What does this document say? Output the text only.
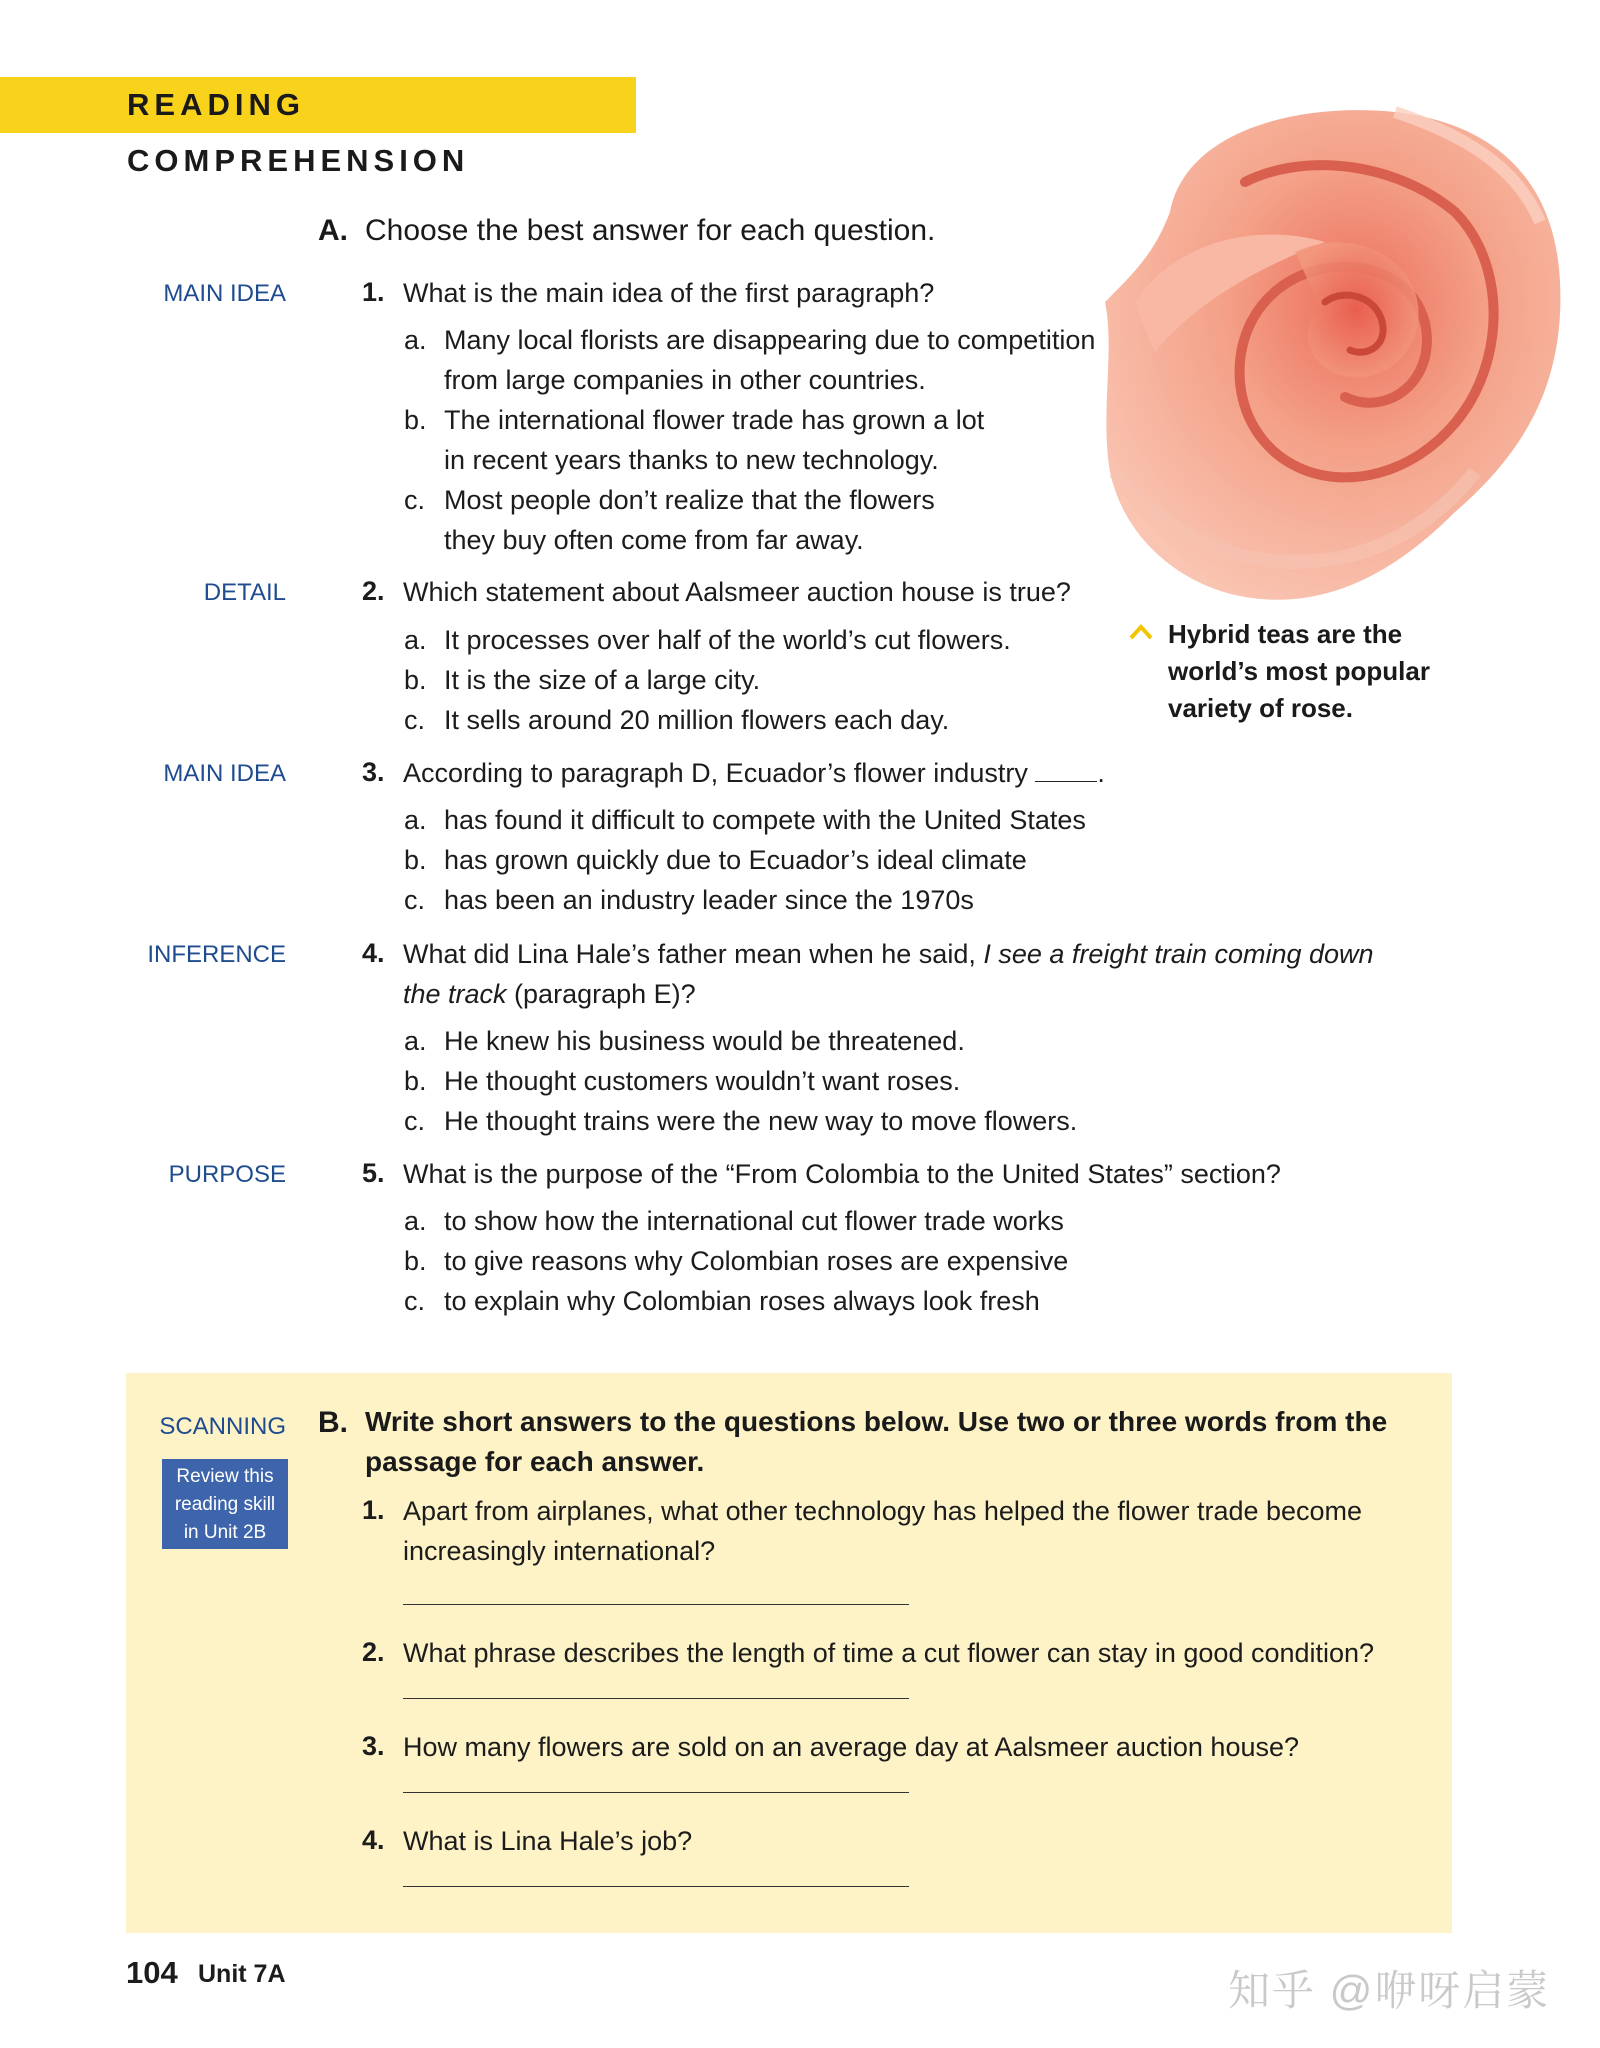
READING COMPREHENSION
Hybrid teas are the
world’s most popular
variety of rose.
A. Choose the best answer for each question.
MAIN IDEA	1. What is the main idea of the first paragraph?
a. Many local florists are disappearing due to competition
from large companies in other countries.
b. The international flower trade has grown a lot
in recent years thanks to new technology.
c. Most people don’t realize that the flowers
they buy often come from far away.
DETAIL	2. Which statement about Aalsmeer auction house is true?
a. It processes over half of the world’s cut flowers.
b. It is the size of a large city.
c. It sells around 20 million flowers each day.
MAIN IDEA	3. According to paragraph D, Ecuador’s flower industry	.
a. has found it difficult to compete with the United States
b. has grown quickly due to Ecuador’s ideal climate
c. has been an industry leader since the 1970s
INFERENCE	4. What did Lina Hale’s father mean when he said, I see a freight train coming down
the track (paragraph E)?
a. He knew his business would be threatened.
b. He thought customers wouldn’t want roses.
c. He thought trains were the new way to move flowers.
PURPOSE	5. What is the purpose of the “From Colombia to the United States” section?
a. to show how the international cut flower trade works
b. to give reasons why Colombian roses are expensive
c. to explain why Colombian roses always look fresh
SCANNING
Review this
reading skill
in Unit 2B
B. Write short answers to the questions below. Use two or three words from the
passage for each answer.
1. Apart from airplanes, what other technology has helped the flower trade become
increasingly international?
2. What phrase describes the length of time a cut flower can stay in good condition?
3. How many flowers are sold on an average day at Aalsmeer auction house?
4. What is Lina Hale’s job?
104 Unit 7A	知乎 @咿呀启蒙
